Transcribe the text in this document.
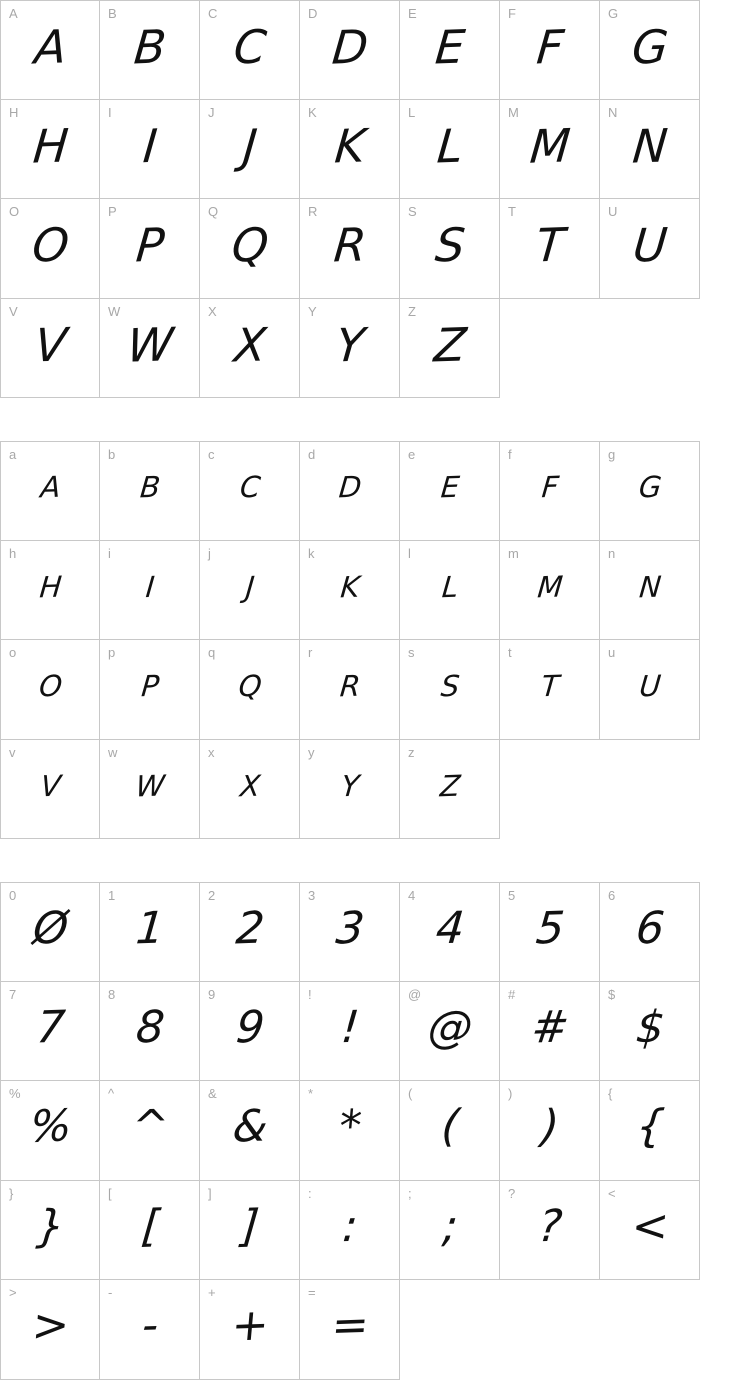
A
A
B
B
C
C
D
D
E
E
F
F
G
G
H
H
I
I
J
J
K
K
L
L
M
M
N
N
O
O
P
P
Q
Q
R
R
S
S
T
T
U
U
V
V
W
W
X
X
Y
Y
Z
Z
a
A
b
B
c
C
d
D
e
E
f
F
g
G
h
H
i
I
j
J
k
K
l
L
m
M
n
N
o
O
p
P
q
Q
r
R
s
S
t
T
u
U
v
V
w
W
x
X
y
Y
z
Z
0
Ø
1
1
2
2
3
3
4
4
5
5
6
6
7
7
8
8
9
9
!
!
@
@
#
#
$
$
%
%
^
^
&
&
*
*
(
(
)
)
{
{
}
}
[
[
]
]
:
:
;
;
?
?
<
<
>
>
-
-
+
+
=
=
